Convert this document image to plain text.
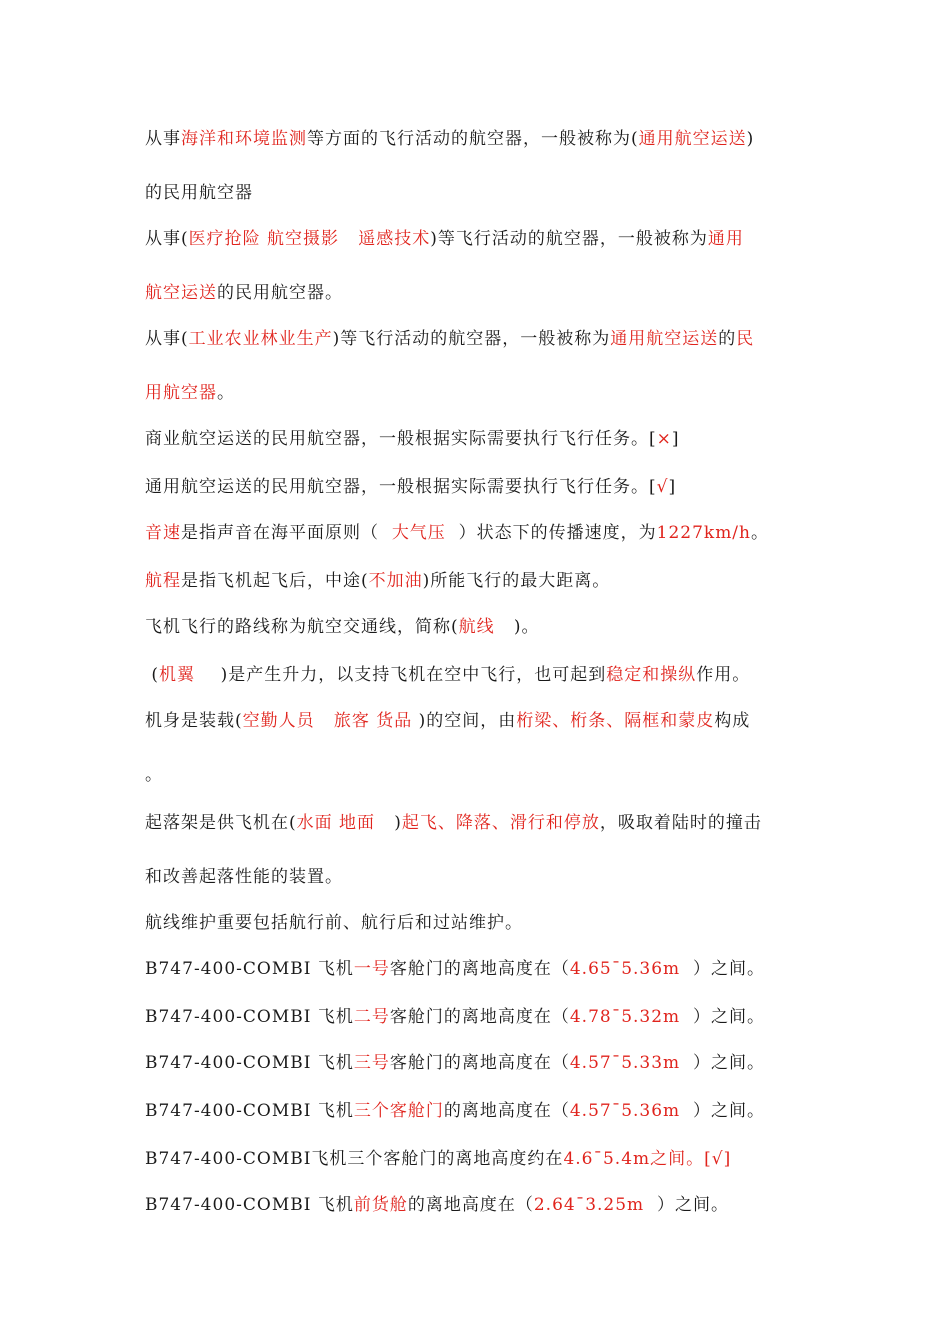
从事海洋和环境监测等方面的飞行活动的航空器，一般被称为(通用航空运送)
的民用航空器
从事(医疗抢险 航空摄影   遥感技术)等飞行活动的航空器，一般被称为通用
航空运送的民用航空器。
从事(工业农业林业生产)等飞行活动的航空器，一般被称为通用航空运送的民
用航空器。
商业航空运送的民用航空器，一般根据实际需要执行飞行任务。[×]
通用航空运送的民用航空器，一般根据实际需要执行飞行任务。[√]
音速是指声音在海平面原则（  大气压  ）状态下的传播速度，为1227km/h。
航程是指飞机起飞后，中途(不加油)所能飞行的最大距离。
飞机飞行的路线称为航空交通线，简称(航线   )。
(机翼    )是产生升力，以支持飞机在空中飞行，也可起到稳定和操纵作用。
机身是装载(空勤人员   旅客 货品 )的空间，由桁梁、桁条、隔框和蒙皮构成
。
起落架是供飞机在(水面 地面   )起飞、降落、滑行和停放，吸取着陆时的撞击
和改善起落性能的装置。
航线维护重要包括航行前、航行后和过站维护。
B747-400-COMBI 飞机一号客舱门的离地高度在（4.65¯5.36m  ）之间。
B747-400-COMBI 飞机二号客舱门的离地高度在（4.78¯5.32m  ）之间。
B747-400-COMBI 飞机三号客舱门的离地高度在（4.57¯5.33m  ）之间。
B747-400-COMBI 飞机三个客舱门的离地高度在（4.57¯5.36m  ）之间。
B747-400-COMBI飞机三个客舱门的离地高度约在4.6¯5.4m之间。[√]
B747-400-COMBI 飞机前货舱的离地高度在（2.64¯3.25m  ）之间。
